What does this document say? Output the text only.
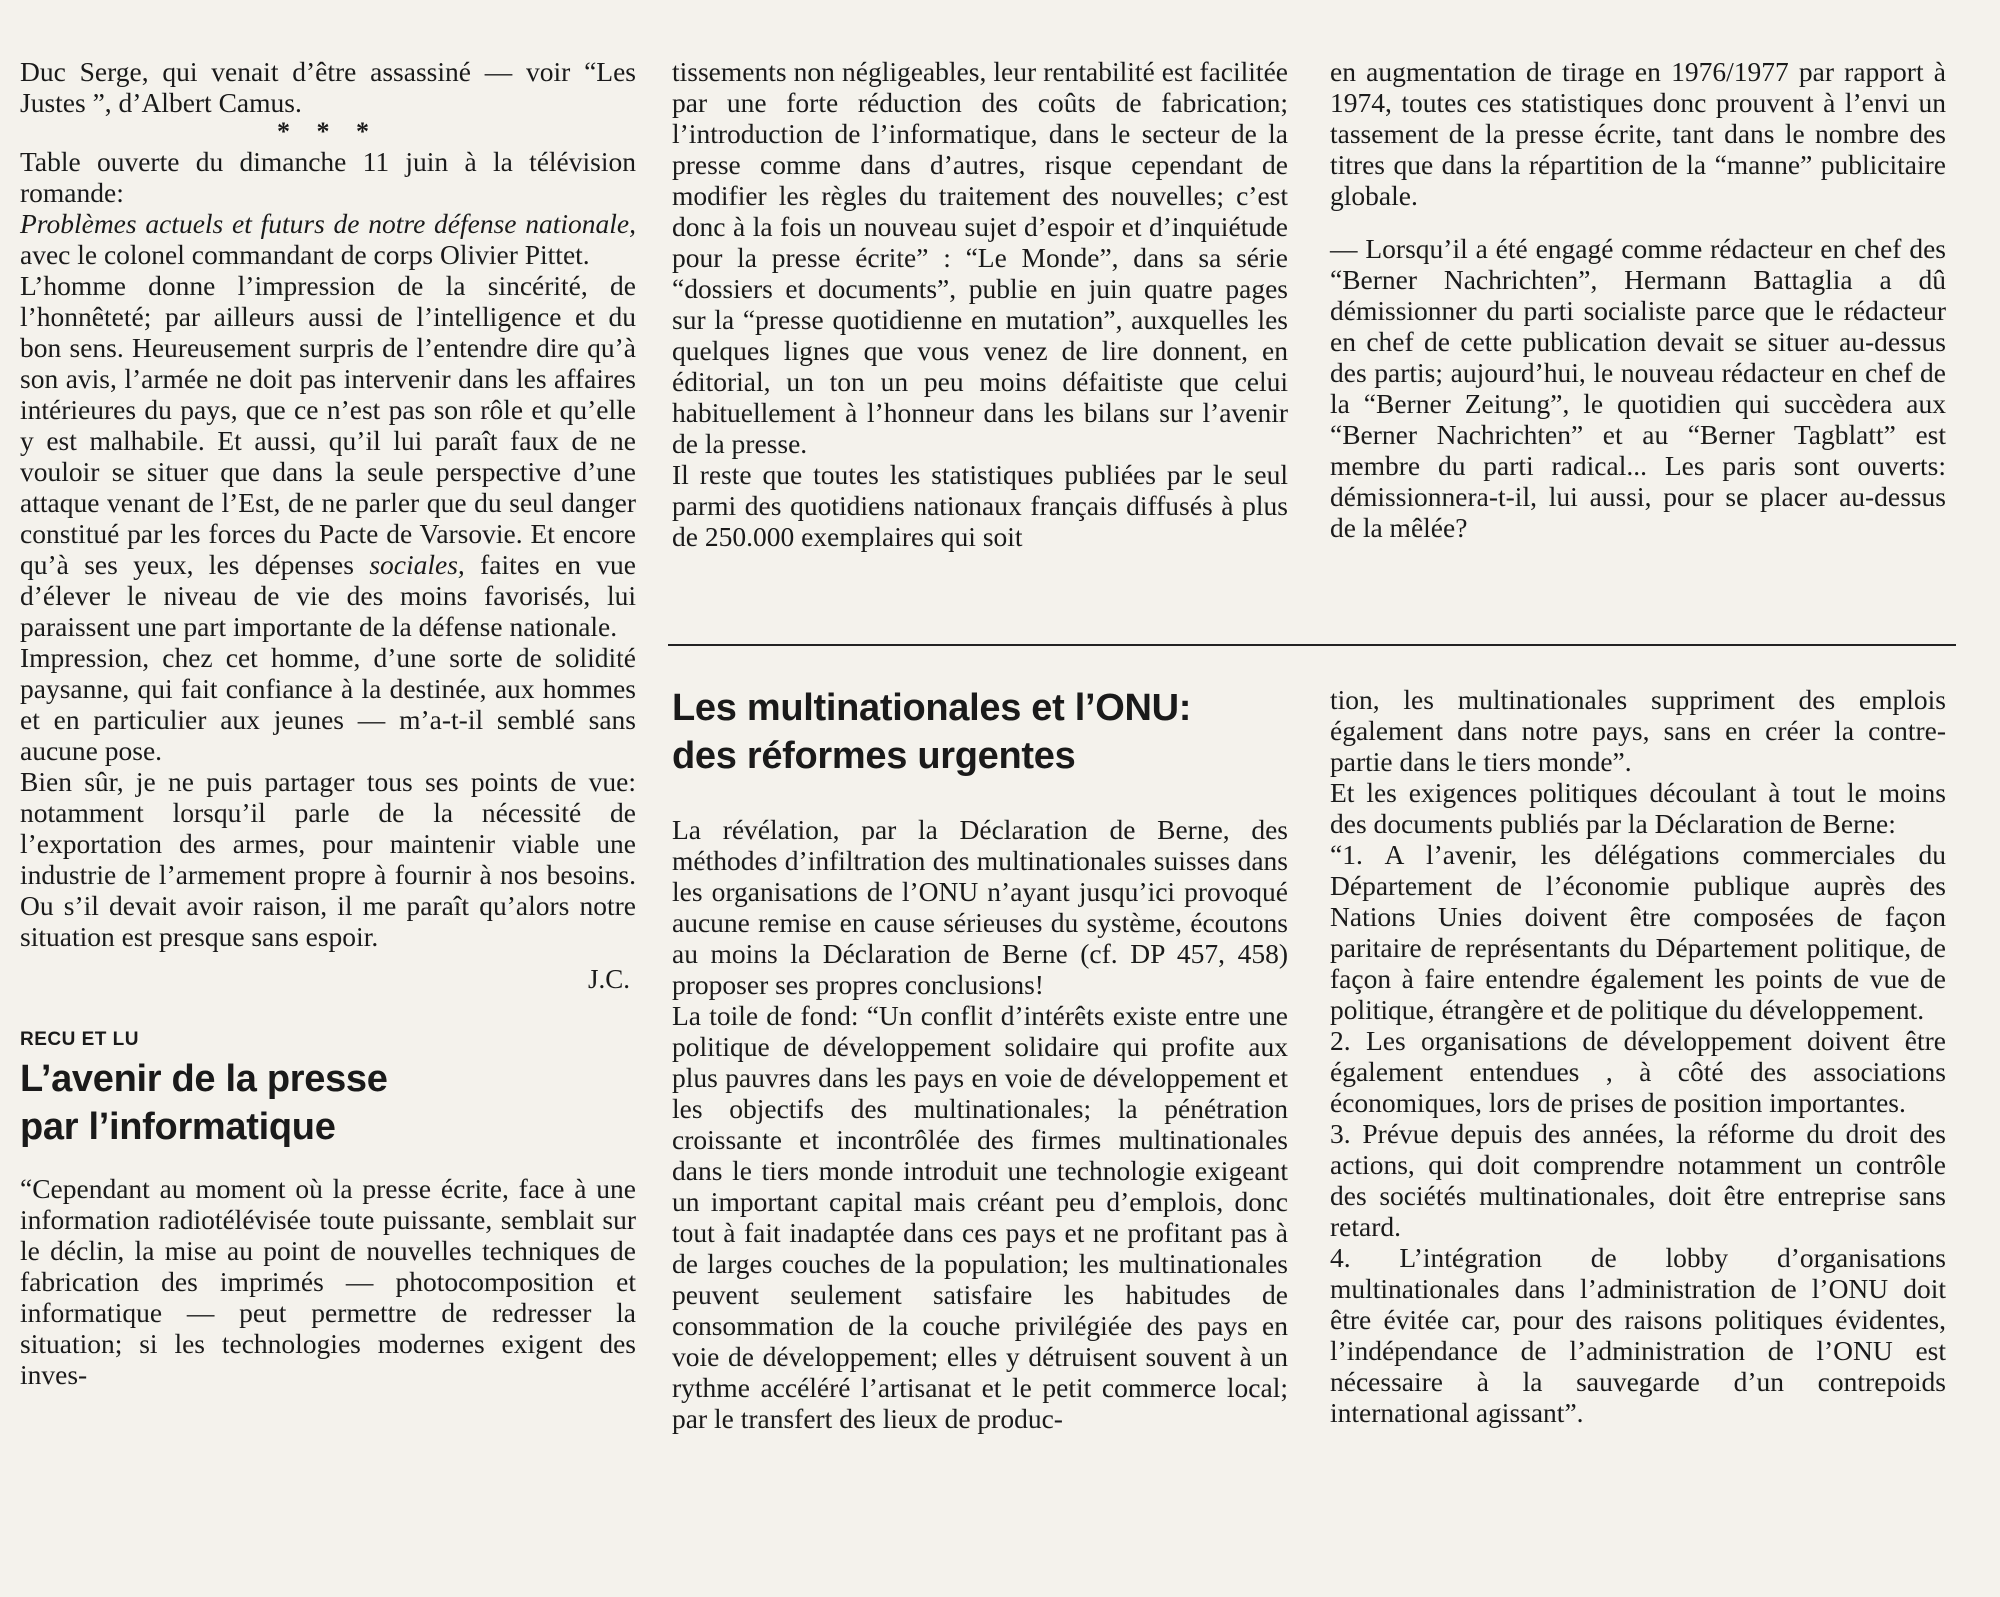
Duc Serge, qui venait d’être assassiné — voir “Les Justes ”, d’Albert Camus.

* * *

Table ouverte du dimanche 11 juin à la télévision romande:
Problèmes actuels et futurs de notre défense nationale, avec le colonel commandant de corps Olivier Pittet.

L’homme donne l’impression de la sincérité, de l’honnêteté; par ailleurs aussi de l’intelligence et du bon sens. Heureusement surpris de l’entendre dire qu’à son avis, l’armée ne doit pas intervenir dans les affaires intérieures du pays, que ce n’est pas son rôle et qu’elle y est malhabile. Et aussi, qu’il lui paraît faux de ne vouloir se situer que dans la seule perspective d’une attaque venant de l’Est, de ne parler que du seul danger constitué par les forces du Pacte de Varsovie. Et encore qu’à ses yeux, les dépenses sociales, faites en vue d’élever le niveau de vie des moins favorisés, lui paraissent une part importante de la défense nationale.

Impression, chez cet homme, d’une sorte de solidité paysanne, qui fait confiance à la destinée, aux hommes et en particulier aux jeunes — m’a-t-il semblé sans aucune pose.

Bien sûr, je ne puis partager tous ses points de vue: notamment lorsqu’il parle de la nécessité de l’exportation des armes, pour maintenir viable une industrie de l’armement propre à fournir à nos besoins. Ou s’il devait avoir raison, il me paraît qu’alors notre situation est presque sans espoir.

J.C.

RECU ET LU

L’avenir de la presse
par l’informatique

“Cependant au moment où la presse écrite, face à une information radiotélévisée toute puissante, semblait sur le déclin, la mise au point de nouvelles techniques de fabrication des imprimés — photocomposition et informatique — peut permettre de redresser la situation; si les technologies modernes exigent des inves-

tissements non négligeables, leur rentabilité est facilitée par une forte réduction des coûts de fabrication; l’introduction de l’informatique, dans le secteur de la presse comme dans d’autres, risque cependant de modifier les règles du traitement des nouvelles; c’est donc à la fois un nouveau sujet d’espoir et d’inquiétude pour la presse écrite” : “Le Monde”, dans sa série “dossiers et documents”, publie en juin quatre pages sur la “presse quotidienne en mutation”, auxquelles les quelques lignes que vous venez de lire donnent, en éditorial, un ton un peu moins défaitiste que celui habituellement à l’honneur dans les bilans sur l’avenir de la presse.

Il reste que toutes les statistiques publiées par le seul parmi des quotidiens nationaux français diffusés à plus de 250.000 exemplaires qui soit

en augmentation de tirage en 1976/1977 par rapport à 1974, toutes ces statistiques donc prouvent à l’envi un tassement de la presse écrite, tant dans le nombre des titres que dans la répartition de la “manne” publicitaire globale.

— Lorsqu’il a été engagé comme rédacteur en chef des “Berner Nachrichten”, Hermann Battaglia a dû démissionner du parti socialiste parce que le rédacteur en chef de cette publication devait se situer au-dessus des partis; aujourd’hui, le nouveau rédacteur en chef de la “Berner Zeitung”, le quotidien qui succèdera aux “Berner Nachrichten” et au “Berner Tagblatt” est membre du parti radical... Les paris sont ouverts: démissionnera-t-il, lui aussi, pour se placer au-dessus de la mêlée?

Les multinationales et l’ONU:
des réformes urgentes

La révélation, par la Déclaration de Berne, des méthodes d’infiltration des multinationales suisses dans les organisations de l’ONU n’ayant jusqu’ici provoqué aucune remise en cause sérieuses du système, écoutons au moins la Déclaration de Berne (cf. DP 457, 458) proposer ses propres conclusions!

La toile de fond: “Un conflit d’intérêts existe entre une politique de développement solidaire qui profite aux plus pauvres dans les pays en voie de développement et les objectifs des multinationales; la pénétration croissante et incontrôlée des firmes multinationales dans le tiers monde introduit une technologie exigeant un important capital mais créant peu d’emplois, donc tout à fait inadaptée dans ces pays et ne profitant pas à de larges couches de la population; les multinationales peuvent seulement satisfaire les habitudes de consommation de la couche privilégiée des pays en voie de développement; elles y détruisent souvent à un rythme accéléré l’artisanat et le petit commerce local; par le transfert des lieux de produc-

tion, les multinationales suppriment des emplois également dans notre pays, sans en créer la contre-partie dans le tiers monde”.

Et les exigences politiques découlant à tout le moins des documents publiés par la Déclaration de Berne:

“1. A l’avenir, les délégations commerciales du Département de l’économie publique auprès des Nations Unies doivent être composées de façon paritaire de représentants du Département politique, de façon à faire entendre également les points de vue de politique, étrangère et de politique du développement.

2. Les organisations de développement doivent être également entendues , à côté des associations économiques, lors de prises de position importantes.

3. Prévue depuis des années, la réforme du droit des actions, qui doit comprendre notamment un contrôle des sociétés multinationales, doit être entreprise sans retard.

4. L’intégration de lobby d’organisations multinationales dans l’administration de l’ONU doit être évitée car, pour des raisons politiques évidentes, l’indépendance de l’administration de l’ONU est nécessaire à la sauvegarde d’un contrepoids international agissant”.
